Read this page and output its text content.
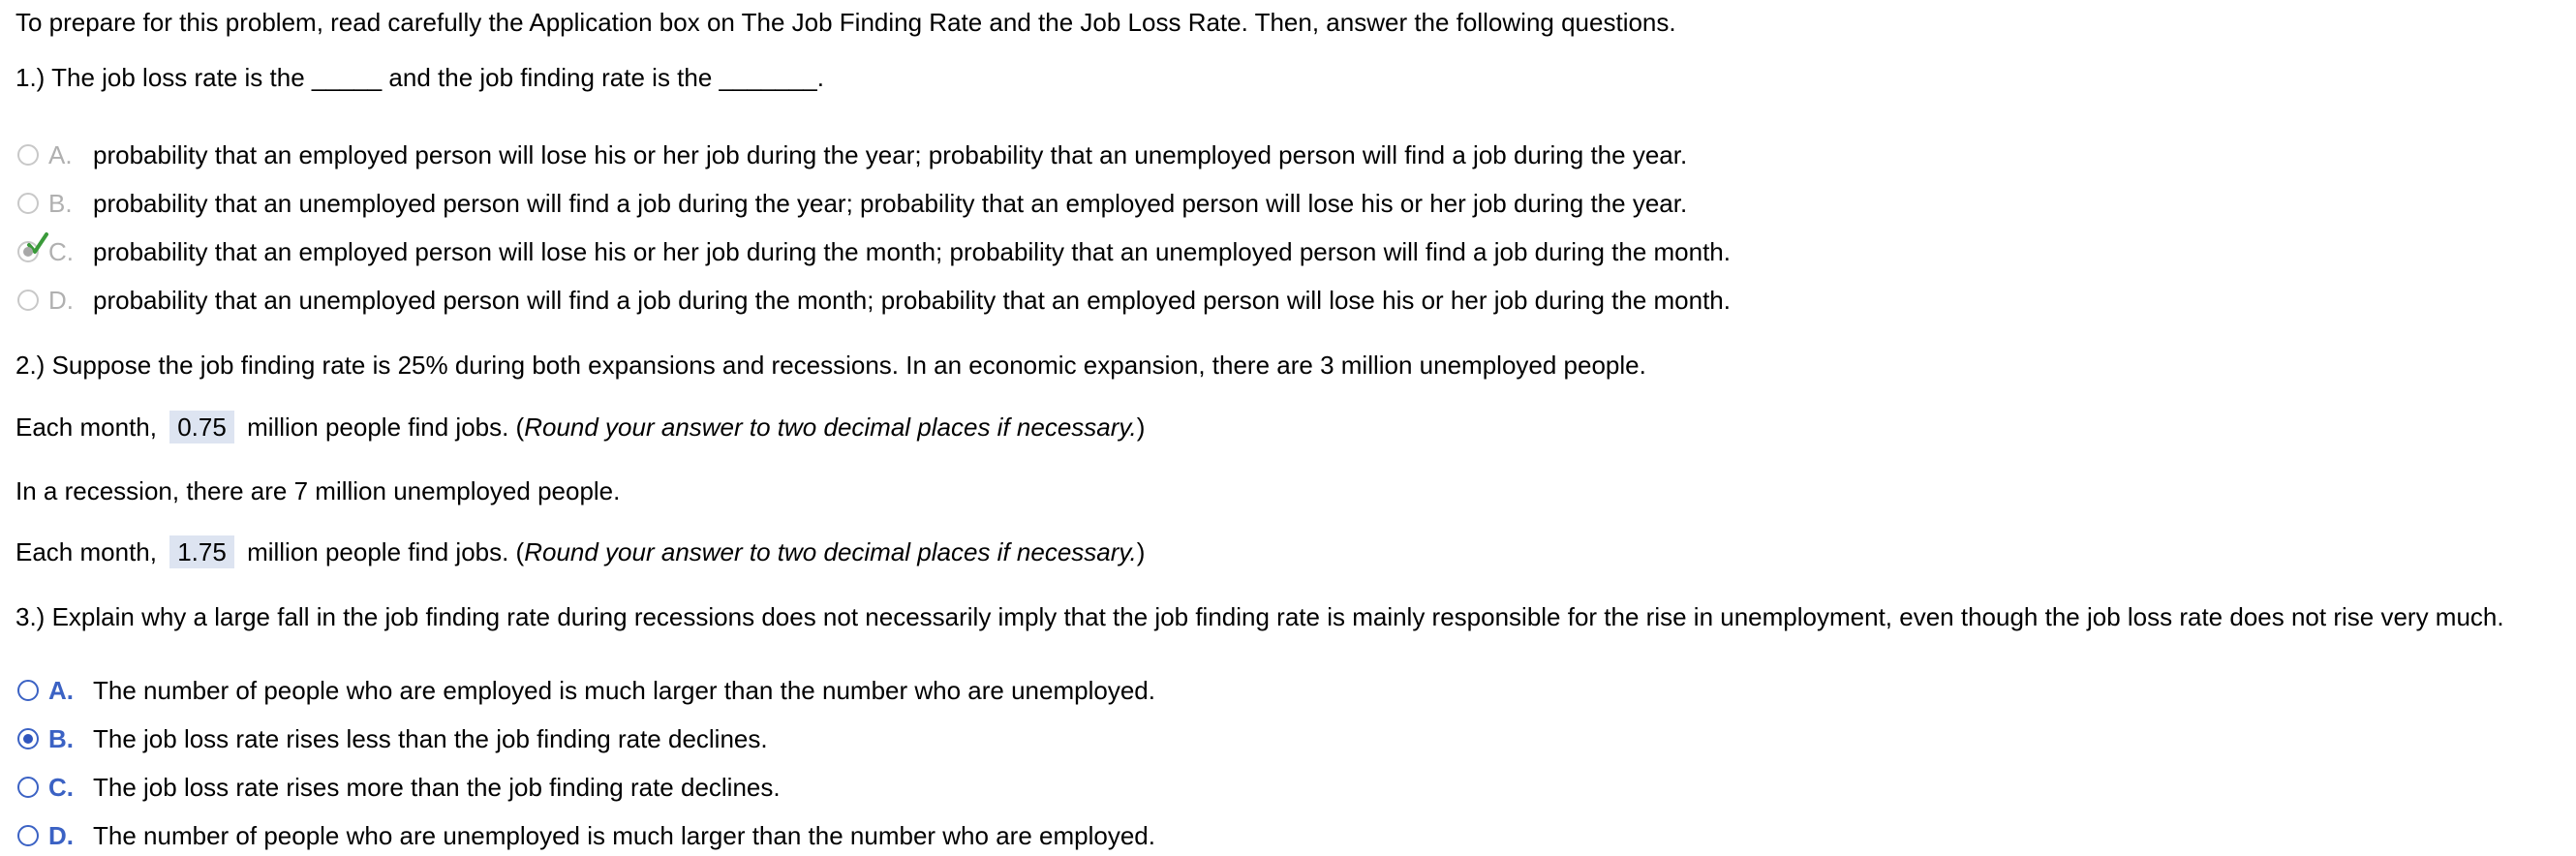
To prepare for this problem, read carefully the Application box on The Job Finding Rate and the Job Loss Rate. Then, answer the following questions.
1.) The job loss rate is the _____ and the job finding rate is the _______.
A. probability that an employed person will lose his or her job during the year; probability that an unemployed person will find a job during the year.
B. probability that an unemployed person will find a job during the year; probability that an employed person will lose his or her job during the year.
C. probability that an employed person will lose his or her job during the month; probability that an unemployed person will find a job during the month.
D. probability that an unemployed person will find a job during the month; probability that an employed person will lose his or her job during the month.
2.) Suppose the job finding rate is 25% during both expansions and recessions. In an economic expansion, there are 3 million unemployed people.
Each month, 0.75 million people find jobs. (Round your answer to two decimal places if necessary.)
In a recession, there are 7 million unemployed people.
Each month, 1.75 million people find jobs. (Round your answer to two decimal places if necessary.)
3.) Explain why a large fall in the job finding rate during recessions does not necessarily imply that the job finding rate is mainly responsible for the rise in unemployment, even though the job loss rate does not rise very much.
A. The number of people who are employed is much larger than the number who are unemployed.
B. The job loss rate rises less than the job finding rate declines.
C. The job loss rate rises more than the job finding rate declines.
D. The number of people who are unemployed is much larger than the number who are employed.
